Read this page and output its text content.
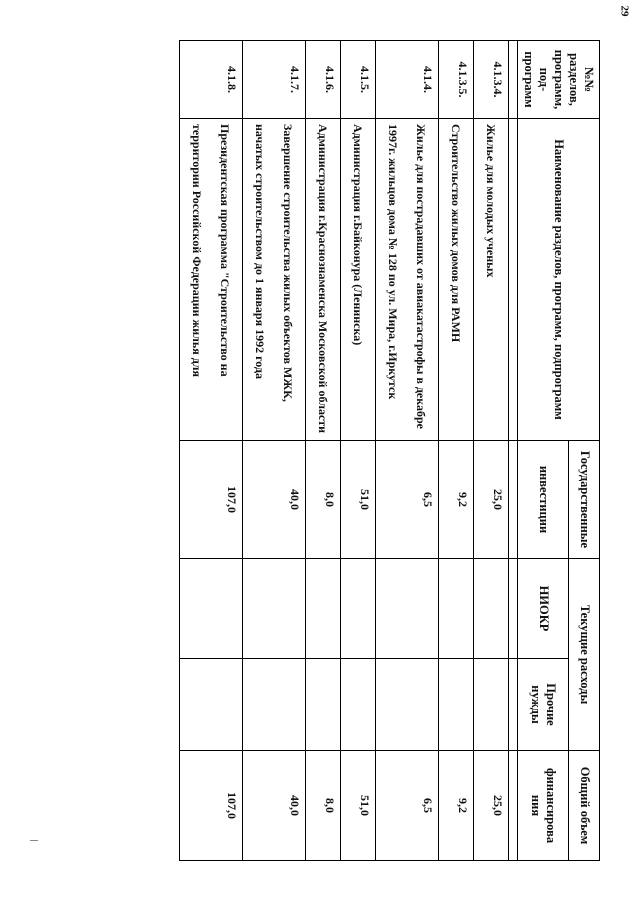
29
№№ разделов, программ, под-программ	Наименование разделов, программ, подпрограмм	Государственные	Текущие расходы		Общий объем
		инвестиции	НИОКР	Прочие нужды	финансирова ния

4.1.3.4.	Жилье для молодых ученых	25,0			25,0
4.1.3.5.	Строительство жилых домов для РАМН	9,2			9,2
4.1.4.	Жилье для пострадавших от авиакатастрофы в декабре 1997г. жильцов дома № 128 по ул. Мира, г.Иркутск	6,5			6,5
4.1.5.	Администрация г.Байконура (Ленинска)	51,0			51,0
4.1.6.	Администрация г.Краснознаменска Московской области	8,0			8,0
4.1.7.	Завершение строительства жилых объектов МЖК, начатых строительством до 1 января 1992 года	40,0			40,0
4.1.8.	Президентская программа "Строительство на территории Российской Федерации жилья для	107,0			107,0
